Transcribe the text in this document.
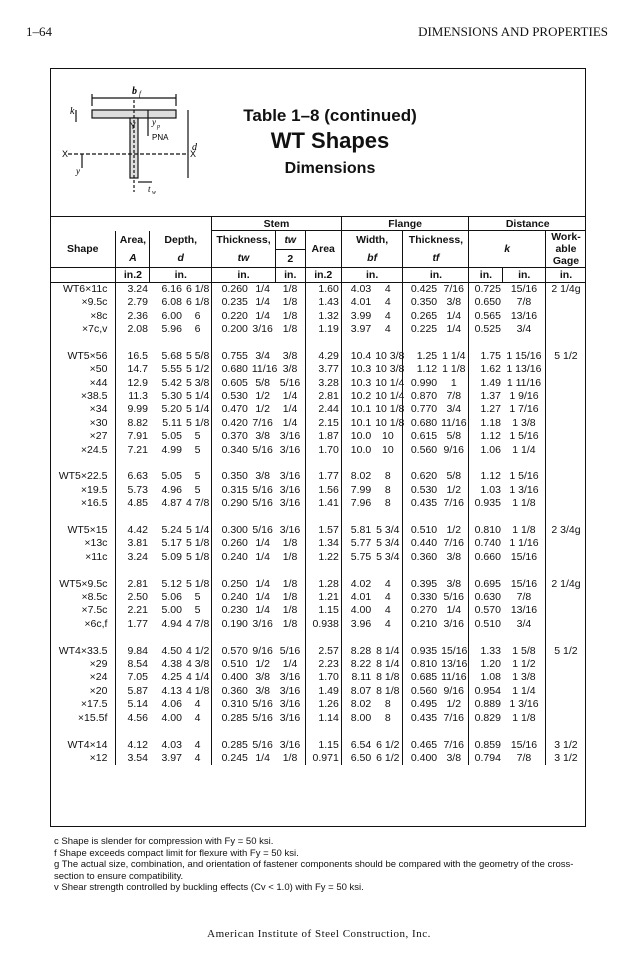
1–64	DIMENSIONS AND PROPERTIES
k
b f
Y y p
PNA
d
X	X
y
t w
Table 1–8 (continued)
WT Shapes
Dimensions
				Stem				Flange				Distance		
Shape	Area,	Depth,		Thickness,		tw	Area	Width,		Thickness,		k		Work-able Gage
	A	d		tw		2		bf		tf				
	in.2	in.		in.		in.	in.2	in.		in.		in.	in.	in.
WT6×11c	3.24	6.16	6 1/8	0.260	1/4	1/8	1.60	4.03	4	0.425	7/16	0.725	15/16	2 1/4g
×9.5c	2.79	6.08	6 1/8	0.235	1/4	1/8	1.43	4.01	4	0.350	3/8	0.650	7/8	
×8c	2.36	6.00	6	0.220	1/4	1/8	1.32	3.99	4	0.265	1/4	0.565	13/16	
×7c,v	2.08	5.96	6	0.200	3/16	1/8	1.19	3.97	4	0.225	1/4	0.525	3/4	

WT5×56	16.5	5.68	5 5/8	0.755	3/4	3/8	4.29	10.4	10 3/8	1.25	1 1/4	1.75	1 15/16	5 1/2
×50	14.7	5.55	5 1/2	0.680	11/16	3/8	3.77	10.3	10 3/8	1.12	1 1/8	1.62	1 13/16	
×44	12.9	5.42	5 3/8	0.605	5/8	5/16	3.28	10.3	10 1/4	0.990	1	1.49	1 11/16	
×38.5	11.3	5.30	5 1/4	0.530	1/2	1/4	2.81	10.2	10 1/4	0.870	7/8	1.37	1 9/16	
×34	9.99	5.20	5 1/4	0.470	1/2	1/4	2.44	10.1	10 1/8	0.770	3/4	1.27	1 7/16	
×30	8.82	5.11	5 1/8	0.420	7/16	1/4	2.15	10.1	10 1/8	0.680	11/16	1.18	1 3/8	
×27	7.91	5.05	5	0.370	3/8	3/16	1.87	10.0	10	0.615	5/8	1.12	1 5/16	
×24.5	7.21	4.99	5	0.340	5/16	3/16	1.70	10.0	10	0.560	9/16	1.06	1 1/4	

WT5×22.5	6.63	5.05	5	0.350	3/8	3/16	1.77	8.02	8	0.620	5/8	1.12	1 5/16	
×19.5	5.73	4.96	5	0.315	5/16	3/16	1.56	7.99	8	0.530	1/2	1.03	1 3/16	
×16.5	4.85	4.87	4 7/8	0.290	5/16	3/16	1.41	7.96	8	0.435	7/16	0.935	1 1/8	

WT5×15	4.42	5.24	5 1/4	0.300	5/16	3/16	1.57	5.81	5 3/4	0.510	1/2	0.810	1 1/8	2 3/4g
×13c	3.81	5.17	5 1/8	0.260	1/4	1/8	1.34	5.77	5 3/4	0.440	7/16	0.740	1 1/16	
×11c	3.24	5.09	5 1/8	0.240	1/4	1/8	1.22	5.75	5 3/4	0.360	3/8	0.660	15/16	

WT5×9.5c	2.81	5.12	5 1/8	0.250	1/4	1/8	1.28	4.02	4	0.395	3/8	0.695	15/16	2 1/4g
×8.5c	2.50	5.06	5	0.240	1/4	1/8	1.21	4.01	4	0.330	5/16	0.630	7/8	
×7.5c	2.21	5.00	5	0.230	1/4	1/8	1.15	4.00	4	0.270	1/4	0.570	13/16	
×6c,f	1.77	4.94	4 7/8	0.190	3/16	1/8	0.938	3.96	4	0.210	3/16	0.510	3/4	

WT4×33.5	9.84	4.50	4 1/2	0.570	9/16	5/16	2.57	8.28	8 1/4	0.935	15/16	1.33	1 5/8	5 1/2
×29	8.54	4.38	4 3/8	0.510	1/2	1/4	2.23	8.22	8 1/4	0.810	13/16	1.20	1 1/2	
×24	7.05	4.25	4 1/4	0.400	3/8	3/16	1.70	8.11	8 1/8	0.685	11/16	1.08	1 3/8	
×20	5.87	4.13	4 1/8	0.360	3/8	3/16	1.49	8.07	8 1/8	0.560	9/16	0.954	1 1/4	
×17.5	5.14	4.06	4	0.310	5/16	3/16	1.26	8.02	8	0.495	1/2	0.889	1 3/16	
×15.5f	4.56	4.00	4	0.285	5/16	3/16	1.14	8.00	8	0.435	7/16	0.829	1 1/8	

WT4×14	4.12	4.03	4	0.285	5/16	3/16	1.15	6.54	6 1/2	0.465	7/16	0.859	15/16	3 1/2
×12	3.54	3.97	4	0.245	1/4	1/8	0.971	6.50	6 1/2	0.400	3/8	0.794	7/8	3 1/2
c Shape is slender for compression with Fy = 50 ksi.
f Shape exceeds compact limit for flexure with Fy = 50 ksi.
g The actual size, combination, and orientation of fastener components should be compared with the geometry of the cross-section to ensure compatibility.
v Shear strength controlled by buckling effects (Cv < 1.0) with Fy = 50 ksi.
American Institute of Steel Construction, Inc.
